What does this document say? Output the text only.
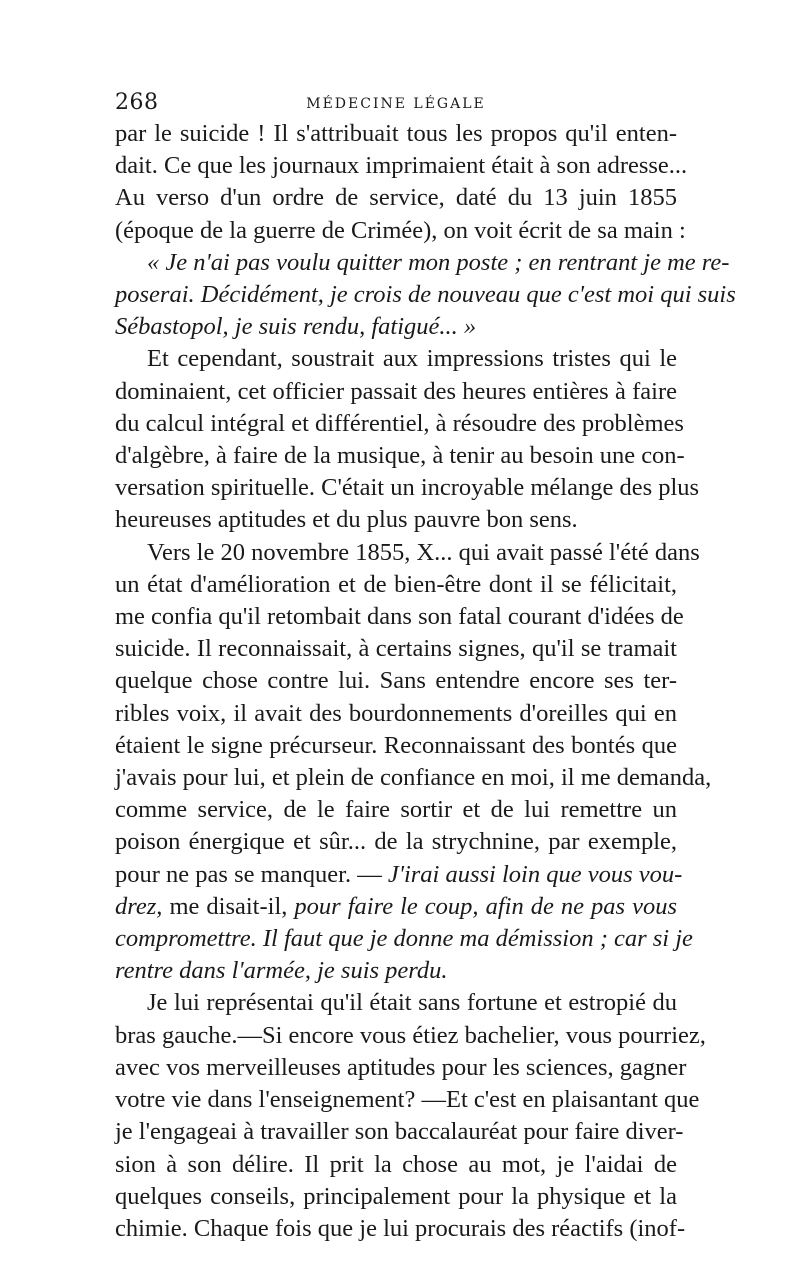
268	MÉDECINE LÉGALE

par le suicide ! Il s'attribuait tous les propos qu'il enten-
dait. Ce que les journaux imprimaient était à son adresse...
Au verso d'un ordre de service, daté du 13 juin 1855
(époque de la guerre de Crimée), on voit écrit de sa main :

« Je n'ai pas voulu quitter mon poste ; en rentrant je me re-
poserai. Décidément, je crois de nouveau que c'est moi qui suis
Sébastopol, je suis rendu, fatigué... »

Et cependant, soustrait aux impressions tristes qui le
dominaient, cet officier passait des heures entières à faire
du calcul intégral et différentiel, à résoudre des problèmes
d'algèbre, à faire de la musique, à tenir au besoin une con-
versation spirituelle. C'était un incroyable mélange des plus
heureuses aptitudes et du plus pauvre bon sens.

Vers le 20 novembre 1855, X... qui avait passé l'été dans
un état d'amélioration et de bien-être dont il se félicitait,
me confia qu'il retombait dans son fatal courant d'idées de
suicide. Il reconnaissait, à certains signes, qu'il se tramait
quelque chose contre lui. Sans entendre encore ses ter-
ribles voix, il avait des bourdonnements d'oreilles qui en
étaient le signe précurseur. Reconnaissant des bontés que
j'avais pour lui, et plein de confiance en moi, il me demanda,
comme service, de le faire sortir et de lui remettre un
poison énergique et sûr... de la strychnine, par exemple,
pour ne pas se manquer. — J'irai aussi loin que vous vou-
drez, me disait-il, pour faire le coup, afin de ne pas vous
compromettre. Il faut que je donne ma démission ; car si je
rentre dans l'armée, je suis perdu.

Je lui représentai qu'il était sans fortune et estropié du
bras gauche.—Si encore vous étiez bachelier, vous pourriez,
avec vos merveilleuses aptitudes pour les sciences, gagner
votre vie dans l'enseignement? —Et c'est en plaisantant que
je l'engageai à travailler son baccalauréat pour faire diver-
sion à son délire. Il prit la chose au mot, je l'aidai de
quelques conseils, principalement pour la physique et la
chimie. Chaque fois que je lui procurais des réactifs (inof-
